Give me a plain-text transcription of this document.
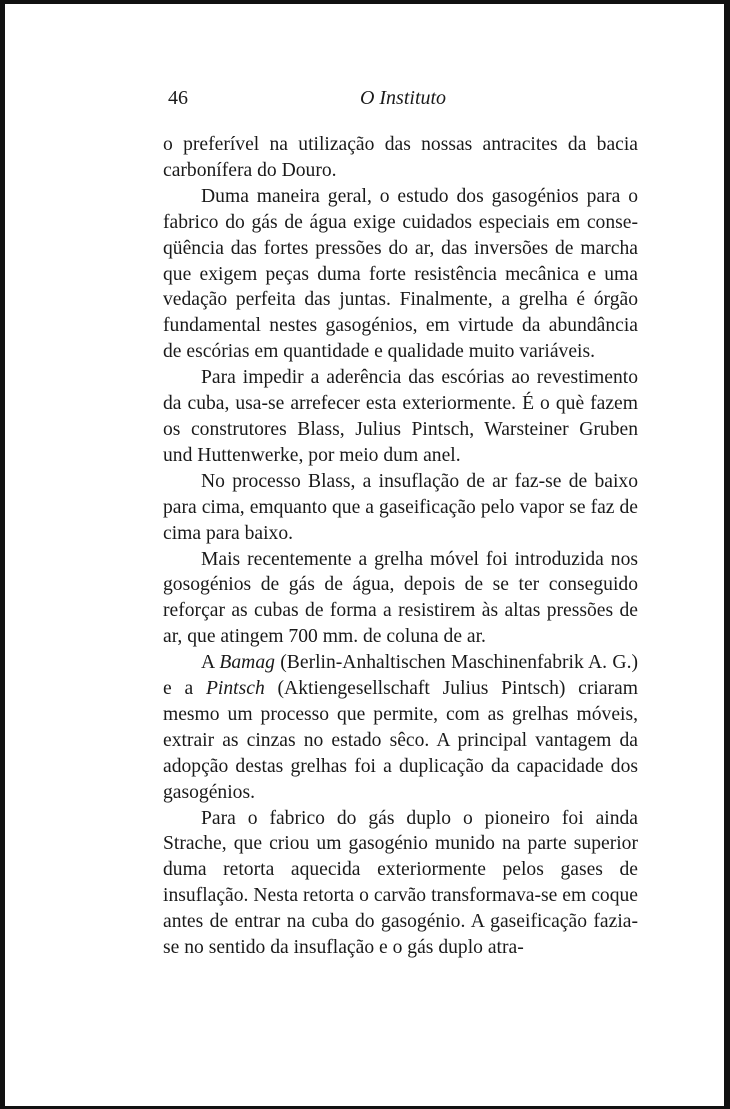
46	O Instituto

o preferível na utilização das nossas antracites da bacia carbonífera do Douro.

Duma maneira geral, o estudo dos gasogénios para o fabrico do gás de água exige cuidados especiais em conseqüência das fortes pressões do ar, das inversões de marcha que exigem peças duma forte resistência mecânica e uma vedação perfeita das juntas. Finalmente, a grelha é órgão fundamental nestes gasogénios, em virtude da abundância de escórias em quantidade e qualidade muito variáveis.

Para impedir a aderência das escórias ao revestimento da cuba, usa-se arrefecer esta exteriormente. É o què fazem os construtores Blass, Julius Pintsch, Warsteiner Gruben und Huttenwerke, por meio dum anel.

No processo Blass, a insuflação de ar faz-se de baixo para cima, emquanto que a gaseificação pelo vapor se faz de cima para baixo.

Mais recentemente a grelha móvel foi introduzida nos gosogénios de gás de água, depois de se ter conseguido reforçar as cubas de forma a resistirem às altas pressões de ar, que atingem 700 mm. de coluna de ar.

A Bamag (Berlin-Anhaltischen Maschinenfabrik A. G.) e a Pintsch (Aktiengesellschaft Julius Pintsch) criaram mesmo um processo que permite, com as grelhas móveis, extrair as cinzas no estado sêco. A principal vantagem da adopção destas grelhas foi a duplicação da capacidade dos gasogénios.

Para o fabrico do gás duplo o pioneiro foi ainda Strache, que criou um gasogénio munido na parte superior duma retorta aquecida exteriormente pelos gases de insuflação. Nesta retorta o carvão transformava-se em coque antes de entrar na cuba do gasogénio. A gaseificação fazia-se no sentido da insuflação e o gás duplo atra-
